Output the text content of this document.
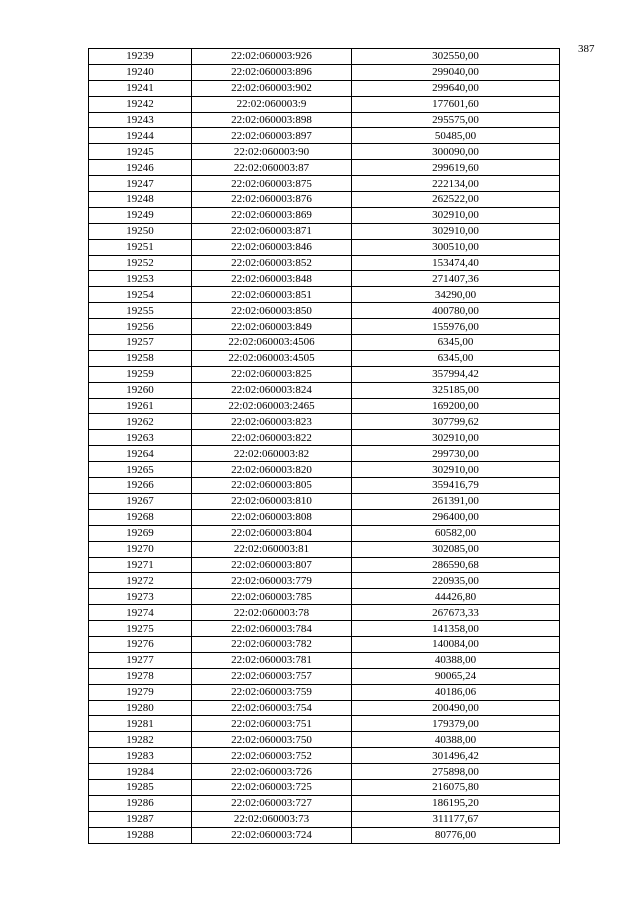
387
19239	22:02:060003:926	302550,00
19240	22:02:060003:896	299040,00
19241	22:02:060003:902	299640,00
19242	22:02:060003:9	177601,60
19243	22:02:060003:898	295575,00
19244	22:02:060003:897	50485,00
19245	22:02:060003:90	300090,00
19246	22:02:060003:87	299619,60
19247	22:02:060003:875	222134,00
19248	22:02:060003:876	262522,00
19249	22:02:060003:869	302910,00
19250	22:02:060003:871	302910,00
19251	22:02:060003:846	300510,00
19252	22:02:060003:852	153474,40
19253	22:02:060003:848	271407,36
19254	22:02:060003:851	34290,00
19255	22:02:060003:850	400780,00
19256	22:02:060003:849	155976,00
19257	22:02:060003:4506	6345,00
19258	22:02:060003:4505	6345,00
19259	22:02:060003:825	357994,42
19260	22:02:060003:824	325185,00
19261	22:02:060003:2465	169200,00
19262	22:02:060003:823	307799,62
19263	22:02:060003:822	302910,00
19264	22:02:060003:82	299730,00
19265	22:02:060003:820	302910,00
19266	22:02:060003:805	359416,79
19267	22:02:060003:810	261391,00
19268	22:02:060003:808	296400,00
19269	22:02:060003:804	60582,00
19270	22:02:060003:81	302085,00
19271	22:02:060003:807	286590,68
19272	22:02:060003:779	220935,00
19273	22:02:060003:785	44426,80
19274	22:02:060003:78	267673,33
19275	22:02:060003:784	141358,00
19276	22:02:060003:782	140084,00
19277	22:02:060003:781	40388,00
19278	22:02:060003:757	90065,24
19279	22:02:060003:759	40186,06
19280	22:02:060003:754	200490,00
19281	22:02:060003:751	179379,00
19282	22:02:060003:750	40388,00
19283	22:02:060003:752	301496,42
19284	22:02:060003:726	275898,00
19285	22:02:060003:725	216075,80
19286	22:02:060003:727	186195,20
19287	22:02:060003:73	311177,67
19288	22:02:060003:724	80776,00
